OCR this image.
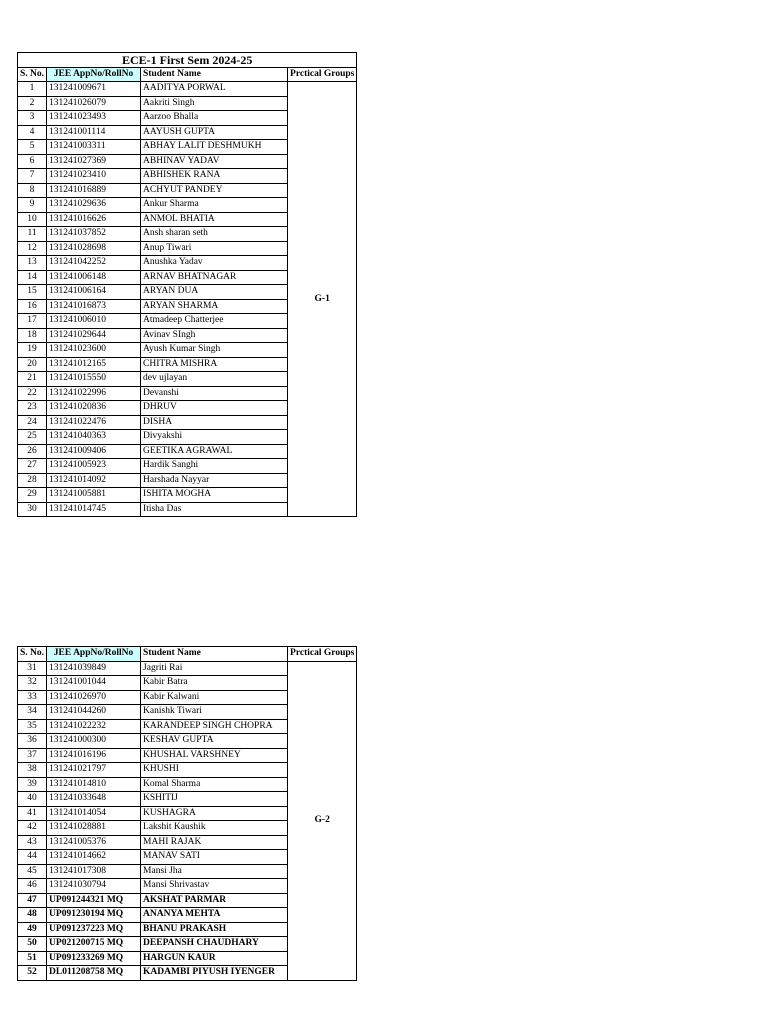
ECE-1 First Sem 2024-25			
S. No.	JEE AppNo/RollNo	Student Name	Prctical Groups
1	131241009671	AADITYA PORWAL	G-1
2	131241026079	Aakriti Singh	
3	131241023493	Aarzoo Bhalla	
4	131241001114	AAYUSH GUPTA	
5	131241003311	ABHAY LALIT DESHMUKH	
6	131241027369	ABHINAV YADAV	
7	131241023410	ABHISHEK RANA	
8	131241016889	ACHYUT PANDEY	
9	131241029636	Ankur Sharma	
10	131241016626	ANMOL BHATIA	
11	131241037852	Ansh sharan seth	
12	131241028698	Anup Tiwari	
13	131241042252	Anushka Yadav	
14	131241006148	ARNAV BHATNAGAR	
15	131241006164	ARYAN DUA	
16	131241016873	ARYAN SHARMA	
17	131241006010	Atmadeep Chatterjee	
18	131241029644	Avinav SIngh	
19	131241023600	Ayush Kumar Singh	
20	131241012165	CHITRA MISHRA	
21	131241015550	dev ujlayan	
22	131241022996	Devanshi	
23	131241020836	DHRUV	
24	131241022476	DISHA	
25	131241040363	Divyakshi	
26	131241009406	GEETIKA AGRAWAL	
27	131241005923	Hardik Sanghi	
28	131241014092	Harshada Nayyar	
29	131241005881	ISHITA MOGHA	
30	131241014745	Itisha Das	
S. No.	JEE AppNo/RollNo	Student Name	Prctical Groups
31	131241039849	Jagriti Rai	G-2
32	131241001044	Kabir Batra	
33	131241026970	Kabir Kalwani	
34	131241044260	Kanishk Tiwari	
35	131241022232	KARANDEEP SINGH CHOPRA	
36	131241000300	KESHAV GUPTA	
37	131241016196	KHUSHAL VARSHNEY	
38	131241021797	KHUSHI	
39	131241014810	Komal Sharma	
40	131241033648	KSHITIJ	
41	131241014054	KUSHAGRA	
42	131241028881	Lakshit Kaushik	
43	131241005376	MAHI RAJAK	
44	131241014662	MANAV SATI	
45	131241017308	Mansi Jha	
46	131241030794	Mansi Shrivastav	
47	UP091244321 MQ	AKSHAT PARMAR	
48	UP091230194 MQ	ANANYA MEHTA	
49	UP091237223 MQ	BHANU PRAKASH	
50	UP021200715 MQ	DEEPANSH CHAUDHARY	
51	UP091233269 MQ	HARGUN KAUR	
52	DL011208758 MQ	KADAMBI PIYUSH IYENGER	
